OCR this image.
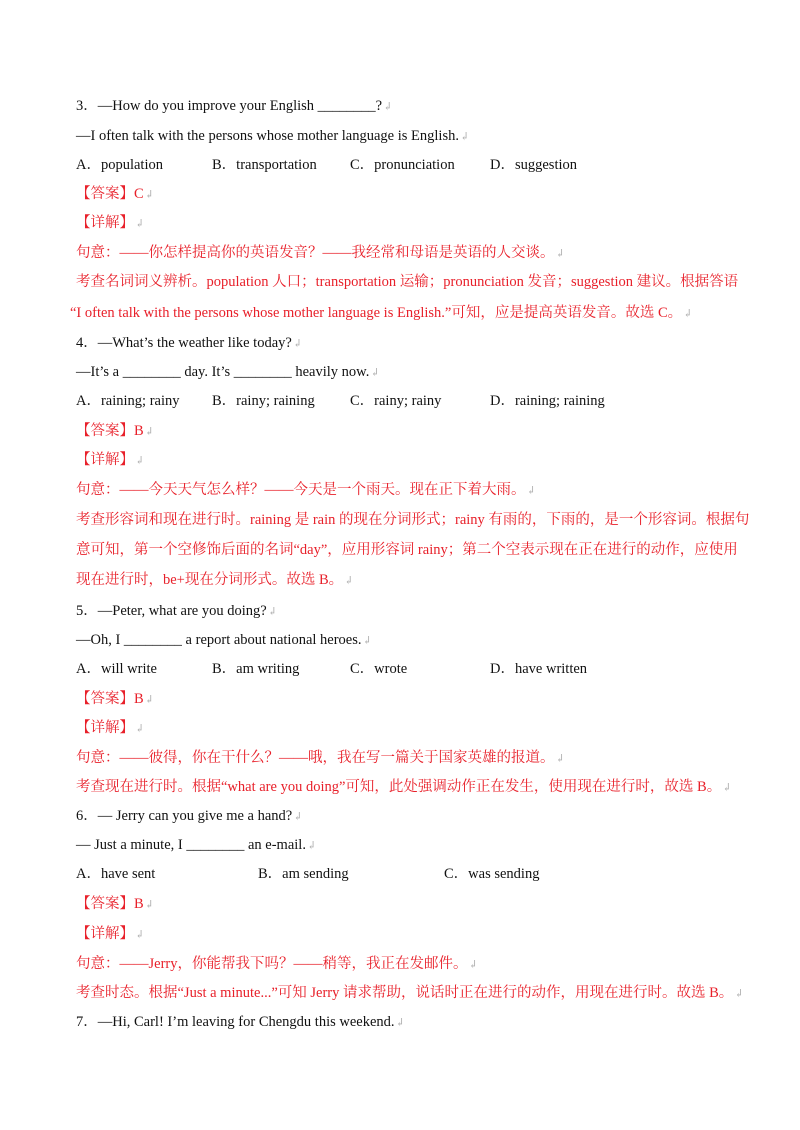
3．—How do you improve your English ________?↲
—I often talk with the persons whose mother language is English.↲
A．population	B．transportation C．pronunciation D．suggestion
【答案】C↲
【详解】↲
句意：——你怎样提高你的英语发音？——我经常和母语是英语的人交谈。↲
考查名词词义辨析。population 人口；transportation 运输；pronunciation 发音；suggestion 建议。根据答语
“I often talk with the persons whose mother language is English.”可知，应是提高英语发音。故选 C。↲
4．—What’s the weather like today?↲
—It’s a ________ day. It’s ________ heavily now.↲
A．raining; rainy B．rainy; raining C．rainy; rainy	D．raining; raining
【答案】B↲
【详解】↲
句意：——今天天气怎么样？——今天是一个雨天。现在正下着大雨。↲
考查形容词和现在进行时。raining 是 rain 的现在分词形式；rainy 有雨的，下雨的，是一个形容词。根据句
意可知，第一个空修饰后面的名词“day”，应用形容词 rainy；第二个空表示现在正在进行的动作，应使用
现在进行时，be+现在分词形式。故选 B。↲
5．—Peter, what are you doing?↲
—Oh, I ________ a report about national heroes.↲
A．will write	B．am writing	C．wrote	D．have written
【答案】B↲
【详解】↲
句意：——彼得，你在干什么？——哦，我在写一篇关于国家英雄的报道。↲
考查现在进行时。根据“what are you doing”可知，此处强调动作正在发生，使用现在进行时，故选 B。↲
6．— Jerry can you give me a hand?↲
— Just a minute, I ________ an e-mail.↲
A．have sent	B．am sending	C．was sending
【答案】B↲
【详解】↲
句意：——Jerry，你能帮我下吗？——稍等，我正在发邮件。↲
考查时态。根据“Just a minute...”可知 Jerry 请求帮助，说话时正在进行的动作，用现在进行时。故选 B。↲
7．—Hi, Carl! I’m leaving for Chengdu this weekend.↲
